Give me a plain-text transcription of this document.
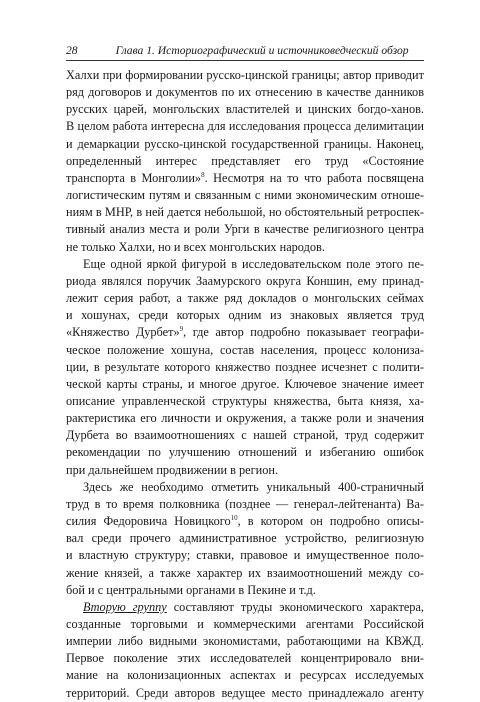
28	Глава 1. Историографический и источниковедческий обзор
Халхи при формировании русско-цинской границы; автор приводит
ряд договоров и документов по их отнесению в качестве данников
русских царей, монгольских властителей и цинских богдо-ханов.
В целом работа интересна для исследования процесса делимитации
и демаркации русско-цинской государственной границы. Наконец,
определенный интерес представляет его труд «Состояние
транспорта в Монголии»$^8$. Несмотря на то что работа посвящена
логистическим путям и связанным с ними экономическим отноше-
ниям в МНР, в ней дается небольшой, но обстоятельный ретроспек-
тивный анализ места и роли Урги в качестве религиозного центра
не только Халхи, но и всех монгольских народов.
Еще одной яркой фигурой в исследовательском поле этого пе-
риода являлся поручик Заамурского округа Коншин, ему принад-
лежит серия работ, а также ряд докладов о монгольских сеймах
и хошунах, среди которых одним из знаковых является труд
«Княжество Дурбет»$^9$, где автор подробно показывает географи-
ческое положение хошуна, состав населения, процесс колониза-
ции, в результате которого княжество позднее исчезнет с полити-
ческой карты страны, и многое другое. Ключевое значение имеет
описание управленческой структуры княжества, быта князя, ха-
рактеристика его личности и окружения, а также роли и значения
Дурбета во взаимоотношениях с нашей страной, труд содержит
рекомендации по улучшению отношений и избеганию ошибок
при дальнейшем продвижении в регион.
Здесь же необходимо отметить уникальный 400-страничный
труд в то время полковника (позднее — генерал-лейтенанта) Ва-
силия Федоровича Новицкого$^{10}$, в котором он подробно описы-
вал среди прочего административное устройство, религиозную
и властную структуру; ставки, правовое и имущественное поло-
жение князей, а также характер их взаимоотношений между со-
бой и с центральными органами в Пекине и т.д.
Вторую группу составляют труды экономического характера,
созданные торговыми и коммерческими агентами Российской
империи либо видными экономистами, работающими на КВЖД.
Первое поколение этих исследователей концентрировало вни-
мание на колонизационных аспектах и ресурсах исследуемых
территорий. Среди авторов ведущее место принадлежало агенту
